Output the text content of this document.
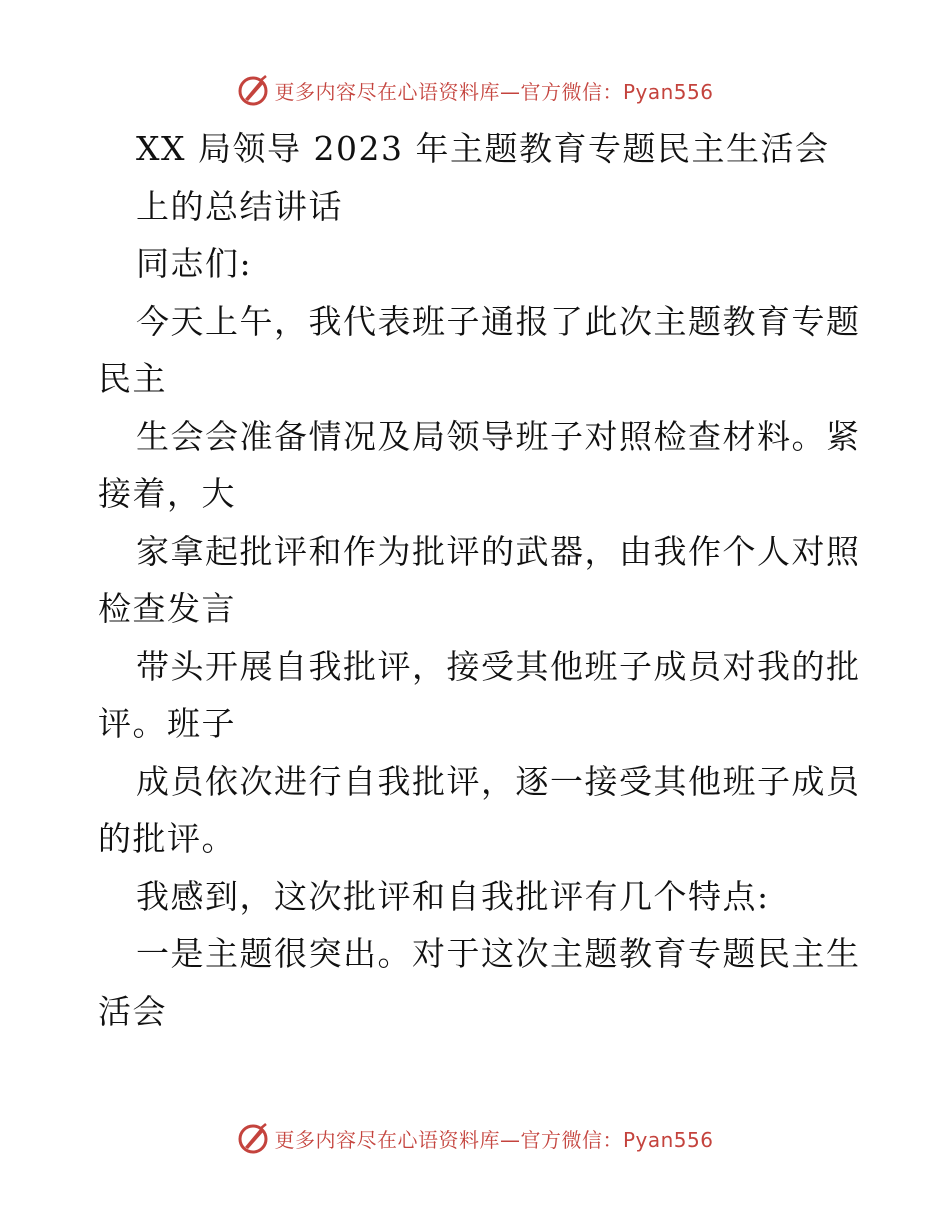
更多内容尽在心语资料库—官方微信：Pyan556
XX 局领导 2023 年主题教育专题民主生活会
上的总结讲话
同志们:
今天上午，我代表班子通报了此次主题教育专题
民主
生会会准备情况及局领导班子对照检查材料。紧
接着，大
家拿起批评和作为批评的武器，由我作个人对照
检查发言
带头开展自我批评，接受其他班子成员对我的批
评。班子
成员依次进行自我批评，逐一接受其他班子成员
的批评。
我感到，这次批评和自我批评有几个特点:
一是主题很突出。对于这次主题教育专题民主生
活会
更多内容尽在心语资料库—官方微信：Pyan556
